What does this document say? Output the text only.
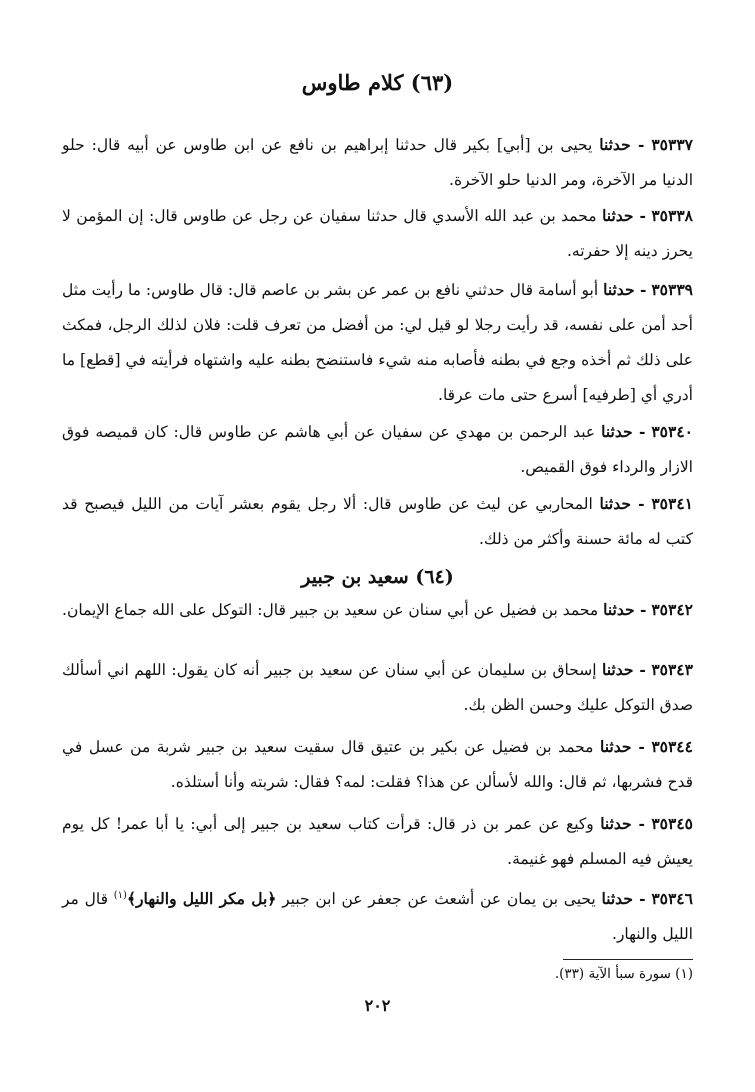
(٦٣) كلام طاوس

٣٥٣٣٧ - حدثنا يحيى بن [أبي] بكير قال حدثنا إبراهيم بن نافع عن ابن طاوس عن أبيه قال: حلو الدنيا مر الآخرة، ومر الدنيا حلو الآخرة.

٣٥٣٣٨ - حدثنا محمد بن عبد الله الأسدي قال حدثنا سفيان عن رجل عن طاوس قال: إن المؤمن لا يحرز دينه إلا حفرته.

٣٥٣٣٩ - حدثنا أبو أسامة قال حدثني نافع بن عمر عن بشر بن عاصم قال: قال طاوس: ما رأيت مثل أحد أمن على نفسه، قد رأيت رجلا لو قيل لي: من أفضل من تعرف قلت: فلان لذلك الرجل، فمكث على ذلك ثم أخذه وجع في بطنه فأصابه منه شيء فاستنضح بطنه عليه واشتهاه فرأيته في [قطع] ما أدري أي [طرفيه] أسرع حتى مات عرقا.

٣٥٣٤٠ - حدثنا عبد الرحمن بن مهدي عن سفيان عن أبي هاشم عن طاوس قال: كان قميصه فوق الازار والرداء فوق القميص.

٣٥٣٤١ - حدثنا المحاربي عن ليث عن طاوس قال: ألا رجل يقوم بعشر آيات من الليل فيصبح قد كتب له مائة حسنة وأكثر من ذلك.

(٦٤) سعيد بن جبير

٣٥٣٤٢ - حدثنا محمد بن فضيل عن أبي سنان عن سعيد بن جبير قال: التوكل على الله جماع الإيمان.

٣٥٣٤٣ - حدثنا إسحاق بن سليمان عن أبي سنان عن سعيد بن جبير أنه كان يقول: اللهم اني أسألك صدق التوكل عليك وحسن الظن بك.

٣٥٣٤٤ - حدثنا محمد بن فضيل عن بكير بن عتيق قال سقيت سعيد بن جبير شربة من عسل في قدح فشربها، ثم قال: والله لأسألن عن هذا؟ فقلت: لمه؟ فقال: شربته وأنا أستلذه.

٣٥٣٤٥ - حدثنا وكيع عن عمر بن ذر قال: قرأت كتاب سعيد بن جبير إلى أبي: يا أبا عمر! كل يوم يعيش فيه المسلم فهو غنيمة.

٣٥٣٤٦ - حدثنا يحيى بن يمان عن أشعث عن جعفر عن ابن جبير ﴿بل مكر الليل والنهار﴾$^{(١)}$ قال مر الليل والنهار.

(١) سورة سبأ الآية (٣٣).

٢٠٢
